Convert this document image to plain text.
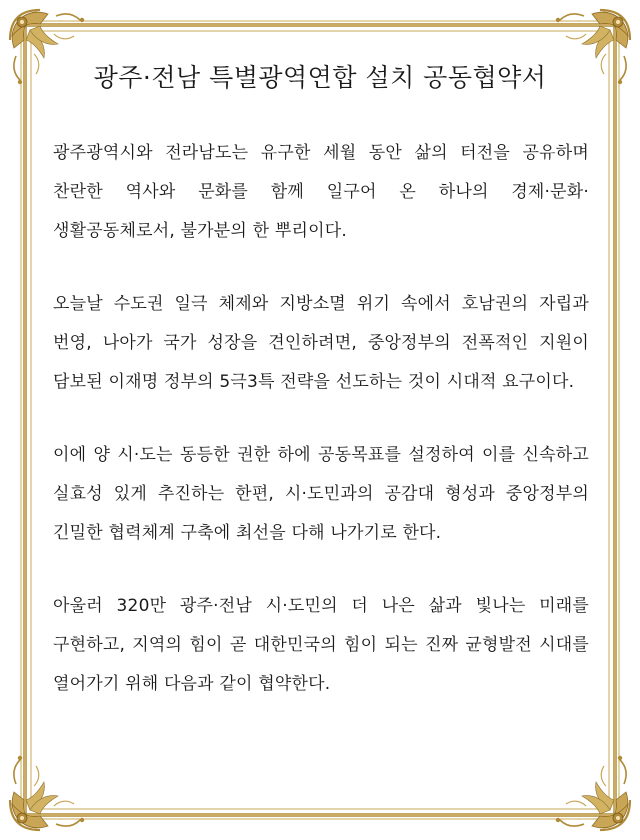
광주·전남 특별광역연합 설치 공동협약서

광주광역시와 전라남도는 유구한 세월 동안 삶의 터전을 공유하며 찬란한 역사와 문화를 함께 일구어 온 하나의 경제·문화·생활공동체로서, 불가분의 한 뿌리이다.

오늘날 수도권 일극 체제와 지방소멸 위기 속에서 호남권의 자립과 번영, 나아가 국가 성장을 견인하려면, 중앙정부의 전폭적인 지원이 담보된 이재명 정부의 5극3특 전략을 선도하는 것이 시대적 요구이다.

이에 양 시·도는 동등한 권한 하에 공동목표를 설정하여 이를 신속하고 실효성 있게 추진하는 한편, 시·도민과의 공감대 형성과 중앙정부의 긴밀한 협력체계 구축에 최선을 다해 나가기로 한다.

아울러 320만 광주·전남 시·도민의 더 나은 삶과 빛나는 미래를 구현하고, 지역의 힘이 곧 대한민국의 힘이 되는 진짜 균형발전 시대를 열어가기 위해 다음과 같이 협약한다.
